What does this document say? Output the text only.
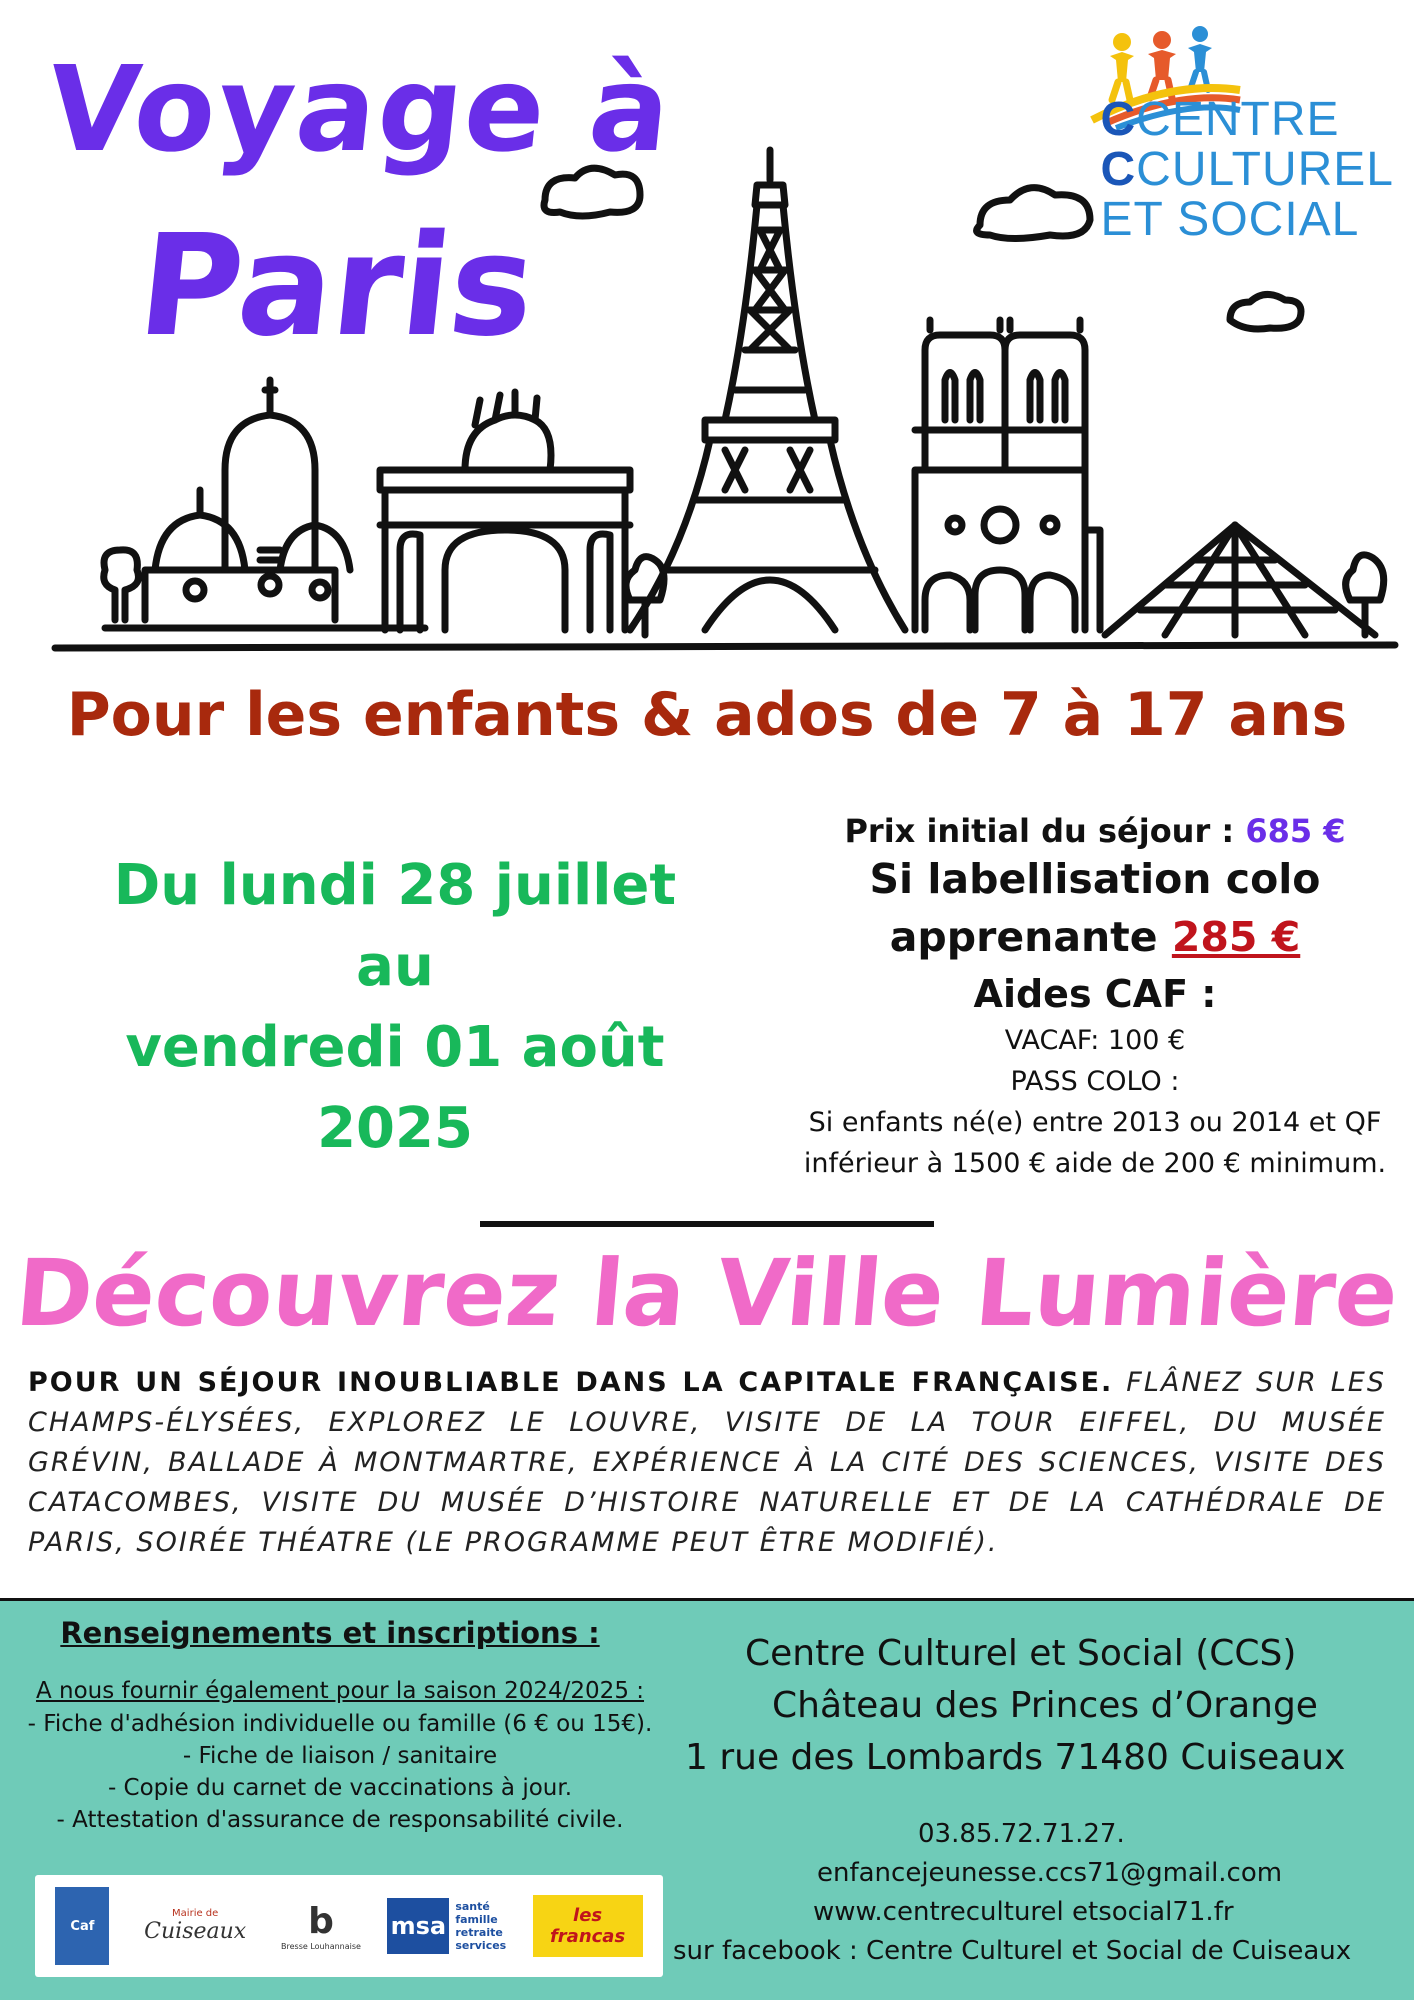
Voyage à
Paris
CCENTRE
CCULTUREL
ET SOCIAL
Pour les enfants & ados de 7 à 17 ans
Du lundi 28 juillet
au
vendredi 01 août
2025
Prix initial du séjour : 685 €
Si labellisation colo
apprenante 285 €
Aides CAF :
VACAF: 100 €
PASS COLO :
Si enfants né(e) entre 2013 ou 2014 et QF
inférieur à 1500 € aide de 200 € minimum.
Découvrez la Ville Lumière
POUR UN SÉJOUR INOUBLIABLE DANS LA CAPITALE FRANÇAISE. FLÂNEZ SUR LES CHAMPS-ÉLYSÉES, EXPLOREZ LE LOUVRE, VISITE DE LA TOUR EIFFEL, DU MUSÉE GRÉVIN, BALLADE À MONTMARTRE, EXPÉRIENCE À LA CITÉ DES SCIENCES, VISITE DES CATACOMBES, VISITE DU MUSÉE D’HISTOIRE NATURELLE ET DE LA CATHÉDRALE DE PARIS, SOIRÉE THÉATRE (LE PROGRAMME PEUT ÊTRE MODIFIÉ).
Renseignements et inscriptions :
A nous fournir également pour la saison 2024/2025 :
- Fiche d'adhésion individuelle ou famille (6 € ou 15€).
- Fiche de liaison / sanitaire
- Copie du carnet de vaccinations à jour.
- Attestation d'assurance de responsabilité civile.
Centre Culturel et Social (CCS)
Château des Princes d’Orange
1 rue des Lombards 71480 Cuiseaux
03.85.72.71.27.
enfancejeunesse.ccs71@gmail.com
www.centreculturel etsocial71.fr
sur facebook : Centre Culturel et Social de Cuiseaux
Caf
Mairie de
Cuiseaux b
Bresse Louhannaise
msa
santé
famille
retraite
services
les francas
